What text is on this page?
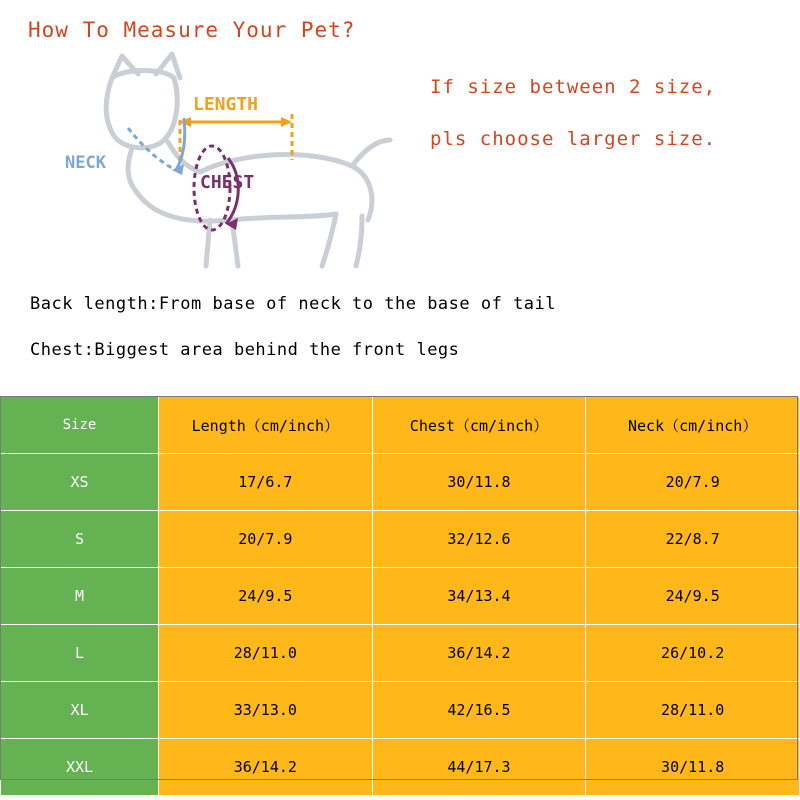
How To Measure Your Pet?
If size between 2 size,
pls choose larger size.
LENGTH
NECK
CHEST
Back length:From base of neck to the base of tail
Chest:Biggest area behind the front legs
Size	Length（cm/inch）	Chest（cm/inch）	Neck（cm/inch）
XS	17/6.7	30/11.8	20/7.9
S	20/7.9	32/12.6	22/8.7
M	24/9.5	34/13.4	24/9.5
L	28/11.0	36/14.2	26/10.2
XL	33/13.0	42/16.5	28/11.0
XXL	36/14.2	44/17.3	30/11.8
